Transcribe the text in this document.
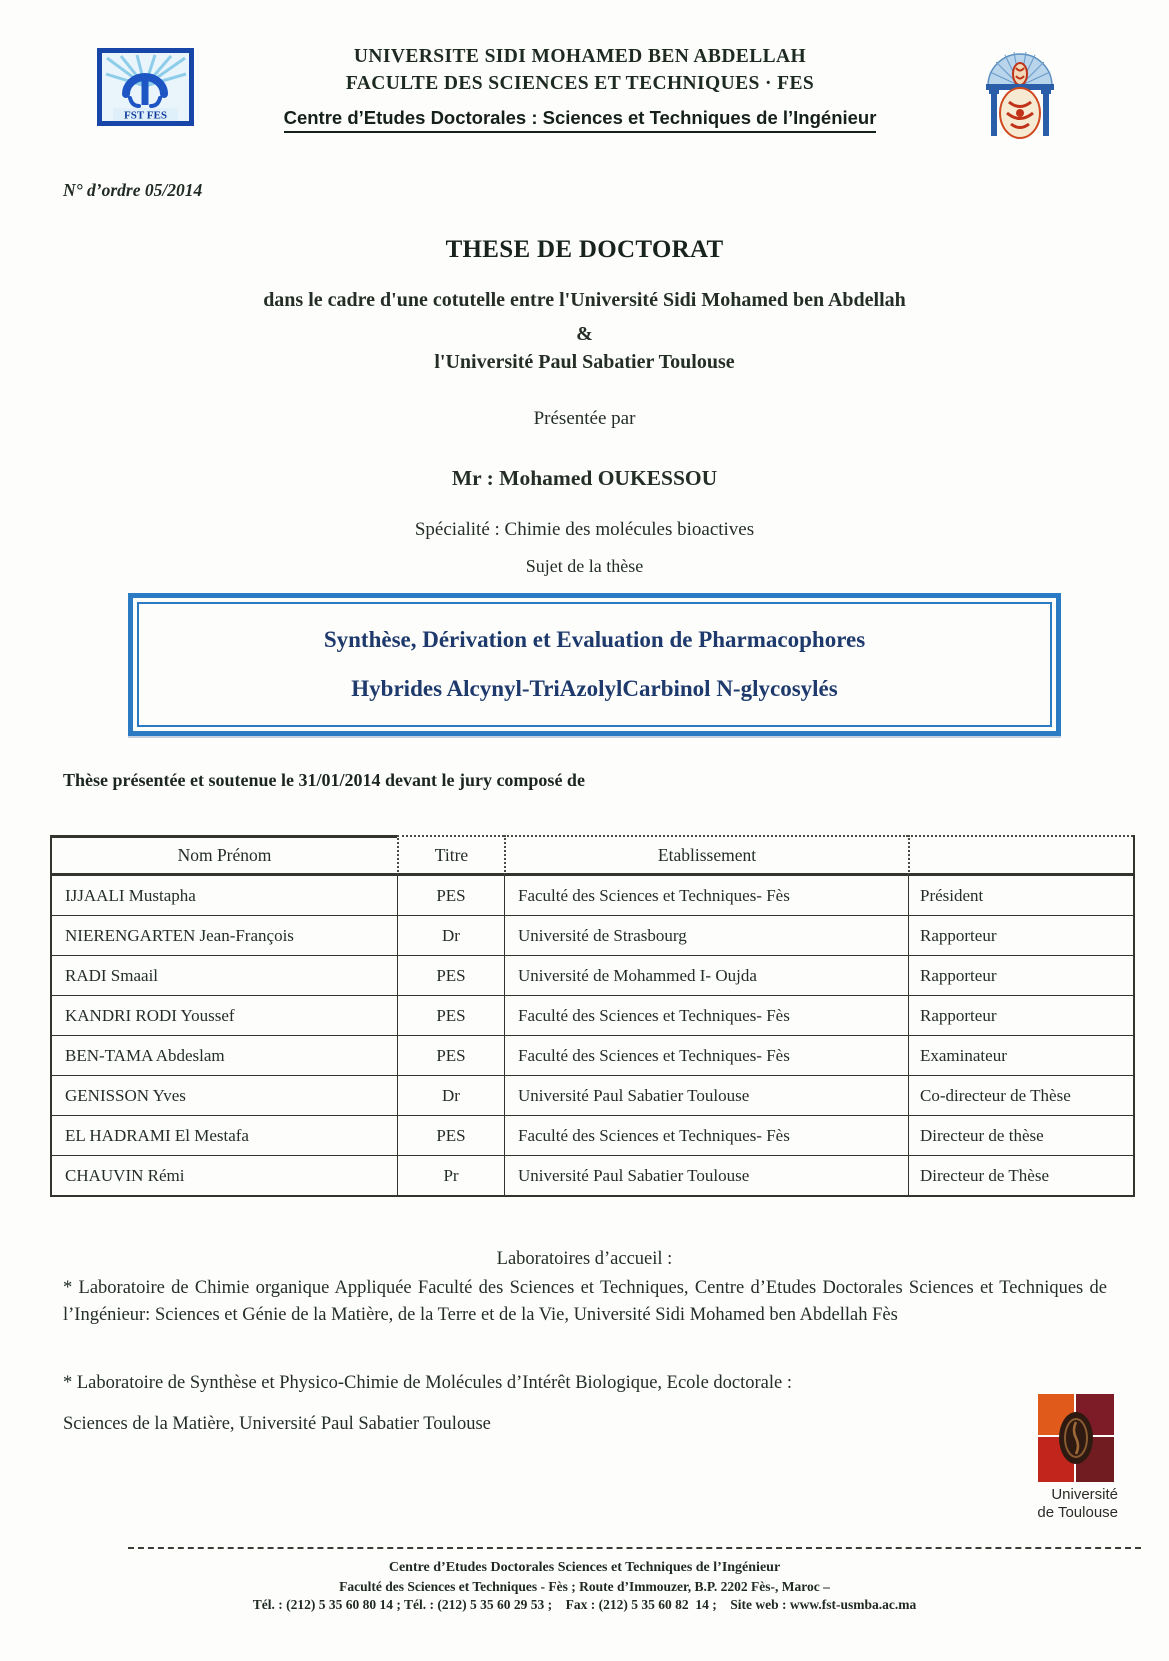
FST FES
UNIVERSITE SIDI MOHAMED BEN ABDELLAH
FACULTE DES SCIENCES ET TECHNIQUES · FES
Centre d’Etudes Doctorales : Sciences et Techniques de l’Ingénieur
N° d’ordre 05/2014
THESE DE DOCTORAT
dans le cadre d'une cotutelle entre l'Université Sidi Mohamed ben Abdellah
&
l'Université Paul Sabatier Toulouse
Présentée par
Mr : Mohamed OUKESSOU
Spécialité : Chimie des molécules bioactives
Sujet de la thèse
Synthèse, Dérivation et Evaluation de Pharmacophores
Hybrides Alcynyl-TriAzolylCarbinol N-glycosylés
Thèse présentée et soutenue le 31/01/2014 devant le jury composé de
Nom Prénom	Titre	Etablissement	
IJJAALI Mustapha	PES	Faculté des Sciences et Techniques- Fès	Président
NIERENGARTEN Jean-François	Dr	Université de Strasbourg	Rapporteur
RADI Smaail	PES	Université de Mohammed I- Oujda	Rapporteur
KANDRI RODI Youssef	PES	Faculté des Sciences et Techniques- Fès	Rapporteur
BEN-TAMA Abdeslam	PES	Faculté des Sciences et Techniques- Fès	Examinateur
GENISSON Yves	Dr	Université Paul Sabatier Toulouse	Co-directeur de Thèse
EL HADRAMI El Mestafa	PES	Faculté des Sciences et Techniques- Fès	Directeur de thèse
CHAUVIN Rémi	Pr	Université Paul Sabatier Toulouse	Directeur de Thèse
Laboratoires d’accueil :
* Laboratoire de Chimie organique Appliquée Faculté des Sciences et Techniques, Centre d’Etudes Doctorales Sciences et Techniques de l’Ingénieur: Sciences et Génie de la Matière, de la Terre et de la Vie, Université Sidi Mohamed ben Abdellah Fès
* Laboratoire de Synthèse et Physico-Chimie de Molécules d’Intérêt Biologique, Ecole doctorale :
Sciences de la Matière, Université Paul Sabatier Toulouse
Université
de Toulouse
Centre d’Etudes Doctorales Sciences et Techniques de l’Ingénieur
Faculté des Sciences et Techniques - Fès ; Route d’Immouzer, B.P. 2202 Fès-, Maroc –
Tél. : (212) 5 35 60 80 14 ; Tél. : (212) 5 35 60 29 53 ;    Fax : (212) 5 35 60 82  14 ;    Site web : www.fst-usmba.ac.ma
